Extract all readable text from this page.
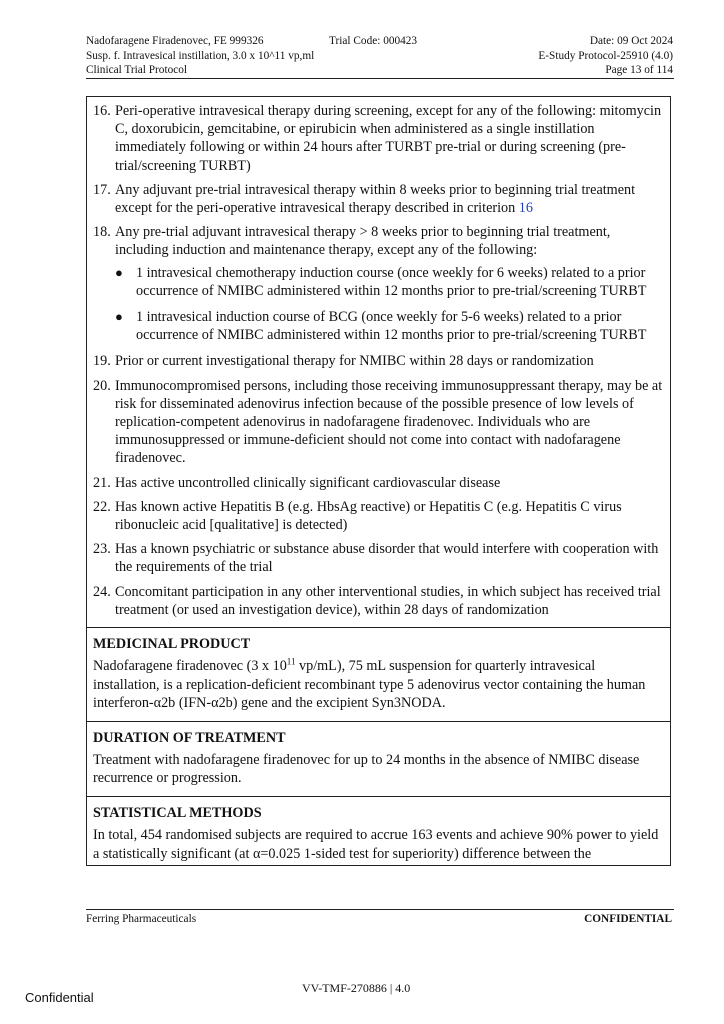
Nadofaragene Firadenovec, FE 999326	Trial Code: 000423	Date: 09 Oct 2024
Susp. f. Intravesical instillation, 3.0 x 10^11 vp,ml	E-Study Protocol-25910 (4.0)
Clinical Trial Protocol	Page 13 of 114
16. Peri-operative intravesical therapy during screening, except for any of the following: mitomycin C, doxorubicin, gemcitabine, or epirubicin when administered as a single instillation immediately following or within 24 hours after TURBT pre-trial or during screening (pre-trial/screening TURBT)
17. Any adjuvant pre-trial intravesical therapy within 8 weeks prior to beginning trial treatment except for the peri-operative intravesical therapy described in criterion 16
18. Any pre-trial adjuvant intravesical therapy > 8 weeks prior to beginning trial treatment, including induction and maintenance therapy, except any of the following:
● 1 intravesical chemotherapy induction course (once weekly for 6 weeks) related to a prior occurrence of NMIBC administered within 12 months prior to pre-trial/screening TURBT
● 1 intravesical induction course of BCG (once weekly for 5-6 weeks) related to a prior occurrence of NMIBC administered within 12 months prior to pre-trial/screening TURBT
19. Prior or current investigational therapy for NMIBC within 28 days or randomization
20. Immunocompromised persons, including those receiving immunosuppressant therapy, may be at risk for disseminated adenovirus infection because of the possible presence of low levels of replication-competent adenovirus in nadofaragene firadenovec. Individuals who are immunosuppressed or immune-deficient should not come into contact with nadofaragene firadenovec.
21. Has active uncontrolled clinically significant cardiovascular disease
22. Has known active Hepatitis B (e.g. HbsAg reactive) or Hepatitis C (e.g. Hepatitis C virus ribonucleic acid [qualitative] is detected)
23. Has a known psychiatric or substance abuse disorder that would interfere with cooperation with the requirements of the trial
24. Concomitant participation in any other interventional studies, in which subject has received trial treatment (or used an investigation device), within 28 days of randomization
MEDICINAL PRODUCT
Nadofaragene firadenovec (3 x $10^{11}$ vp/mL), 75 mL suspension for quarterly intravesical installation, is a replication-deficient recombinant type 5 adenovirus vector containing the human interferon-α2b (IFN-α2b) gene and the excipient Syn3NODA.
DURATION OF TREATMENT
Treatment with nadofaragene firadenovec for up to 24 months in the absence of NMIBC disease recurrence or progression.
STATISTICAL METHODS
In total, 454 randomised subjects are required to accrue 163 events and achieve 90% power to yield a statistically significant (at α=0.025 1-sided test for superiority) difference between the
Ferring Pharmaceuticals	CONFIDENTIAL
VV-TMF-270886 | 4.0
Confidential
